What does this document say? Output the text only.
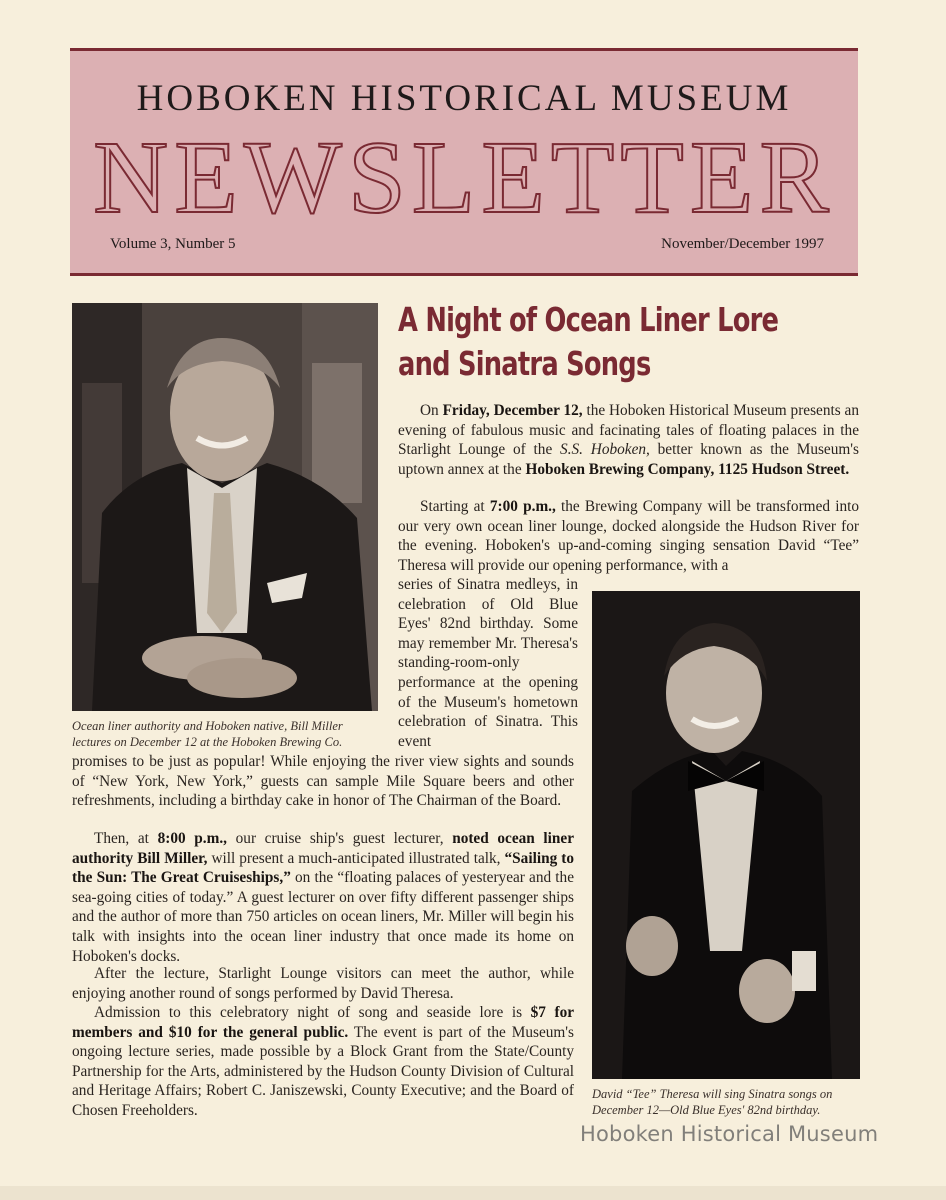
HOBOKEN HISTORICAL MUSEUM
NEWSLETTER
Volume 3, Number 5	November/December 1997
Ocean liner authority and Hoboken native, Bill Miller lectures on December 12 at the Hoboken Brewing Co.
A Night of Ocean Liner Lore
and Sinatra Songs
On Friday, December 12, the Hoboken Historical Museum presents an evening of fabulous music and facinating tales of floating palaces in the Starlight Lounge of the S.S. Hoboken, better known as the Museum's uptown annex at the Hoboken Brewing Company, 1125 Hudson Street.
Starting at 7:00 p.m., the Brewing Company will be transformed into our very own ocean liner lounge, docked alongside the Hudson River for the evening. Hoboken's up-and-coming singing sensation David “Tee” Theresa will provide our opening performance, with a
series of Sinatra medleys, in celebration of Old Blue Eyes' 82nd birthday. Some may remember Mr. Theresa's standing-room-only performance at the opening of the Museum's hometown celebration of Sinatra. This event
promises to be just as popular! While enjoying the river view sights and sounds of “New York, New York,” guests can sample Mile Square beers and other refreshments, including a birthday cake in honor of The Chairman of the Board.
David “Tee” Theresa will sing Sinatra songs on December 12—Old Blue Eyes' 82nd birthday.
Then, at 8:00 p.m., our cruise ship's guest lecturer, noted ocean liner authority Bill Miller, will present a much-anticipated illustrated talk, “Sailing to the Sun: The Great Cruiseships,” on the “floating palaces of yesteryear and the sea-going cities of today.” A guest lecturer on over fifty different passenger ships and the author of more than 750 articles on ocean liners, Mr. Miller will begin his talk with insights into the ocean liner industry that once made its home on Hoboken's docks.
After the lecture, Starlight Lounge visitors can meet the author, while enjoying another round of songs performed by David Theresa.
Admission to this celebratory night of song and seaside lore is $7 for members and $10 for the general public. The event is part of the Museum's ongoing lecture series, made possible by a Block Grant from the State/County Partnership for the Arts, administered by the Hudson County Division of Cultural and Heritage Affairs; Robert C. Janiszewski, County Executive; and the Board of Chosen Freeholders.
Hoboken Historical Museum
